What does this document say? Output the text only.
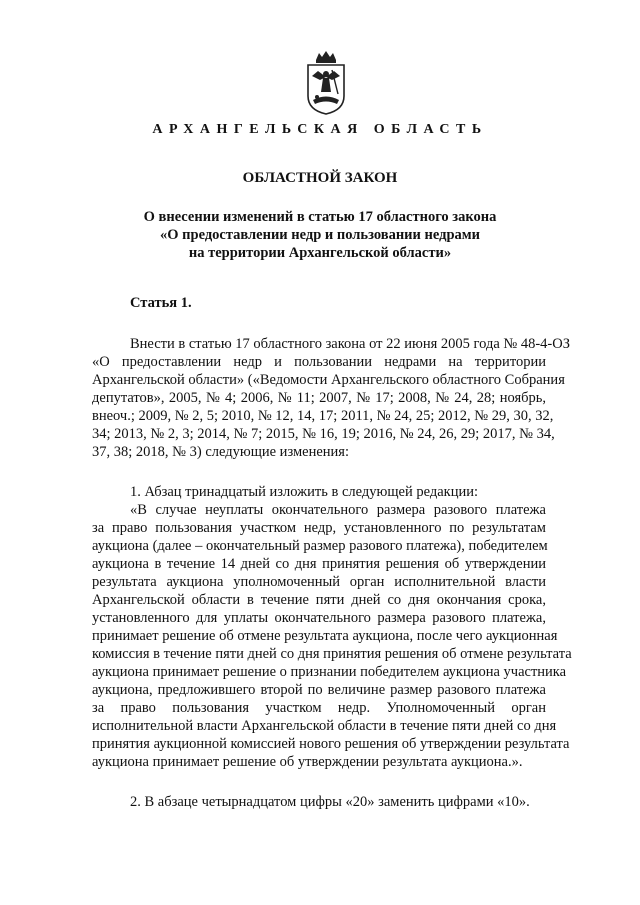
АРХАНГЕЛЬСКАЯ ОБЛАСТЬ
ОБЛАСТНОЙ ЗАКОН
О внесении изменений в статью 17 областного закона
«О предоставлении недр и пользовании недрами
на территории Архангельской области»
Статья 1.
Внести в статью 17 областного закона от 22 июня 2005 года № 48-4-ОЗ
«О предоставлении недр и пользовании недрами на территории
Архангельской области» («Ведомости Архангельского областного Собрания
депутатов», 2005, № 4; 2006, № 11; 2007, № 17; 2008, № 24, 28; ноябрь,
внеоч.; 2009, № 2, 5; 2010, № 12, 14, 17; 2011, № 24, 25; 2012, № 29, 30, 32,
34; 2013, № 2, 3; 2014, № 7; 2015, № 16, 19; 2016, № 24, 26, 29; 2017, № 34,
37, 38; 2018, № 3) следующие изменения:
1. Абзац тринадцатый изложить в следующей редакции:
«В случае неуплаты окончательного размера разового платежа
за право пользования участком недр, установленного по результатам
аукциона (далее – окончательный размер разового платежа), победителем
аукциона в течение 14 дней со дня принятия решения об утверждении
результата аукциона уполномоченный орган исполнительной власти
Архангельской области в течение пяти дней со дня окончания срока,
установленного для уплаты окончательного размера разового платежа,
принимает решение об отмене результата аукциона, после чего аукционная
комиссия в течение пяти дней со дня принятия решения об отмене результата
аукциона принимает решение о признании победителем аукциона участника
аукциона, предложившего второй по величине размер разового платежа
за право пользования участком недр. Уполномоченный орган
исполнительной власти Архангельской области в течение пяти дней со дня
принятия аукционной комиссией нового решения об утверждении результата
аукциона принимает решение об утверждении результата аукциона.».
2. В абзаце четырнадцатом цифры «20» заменить цифрами «10».
